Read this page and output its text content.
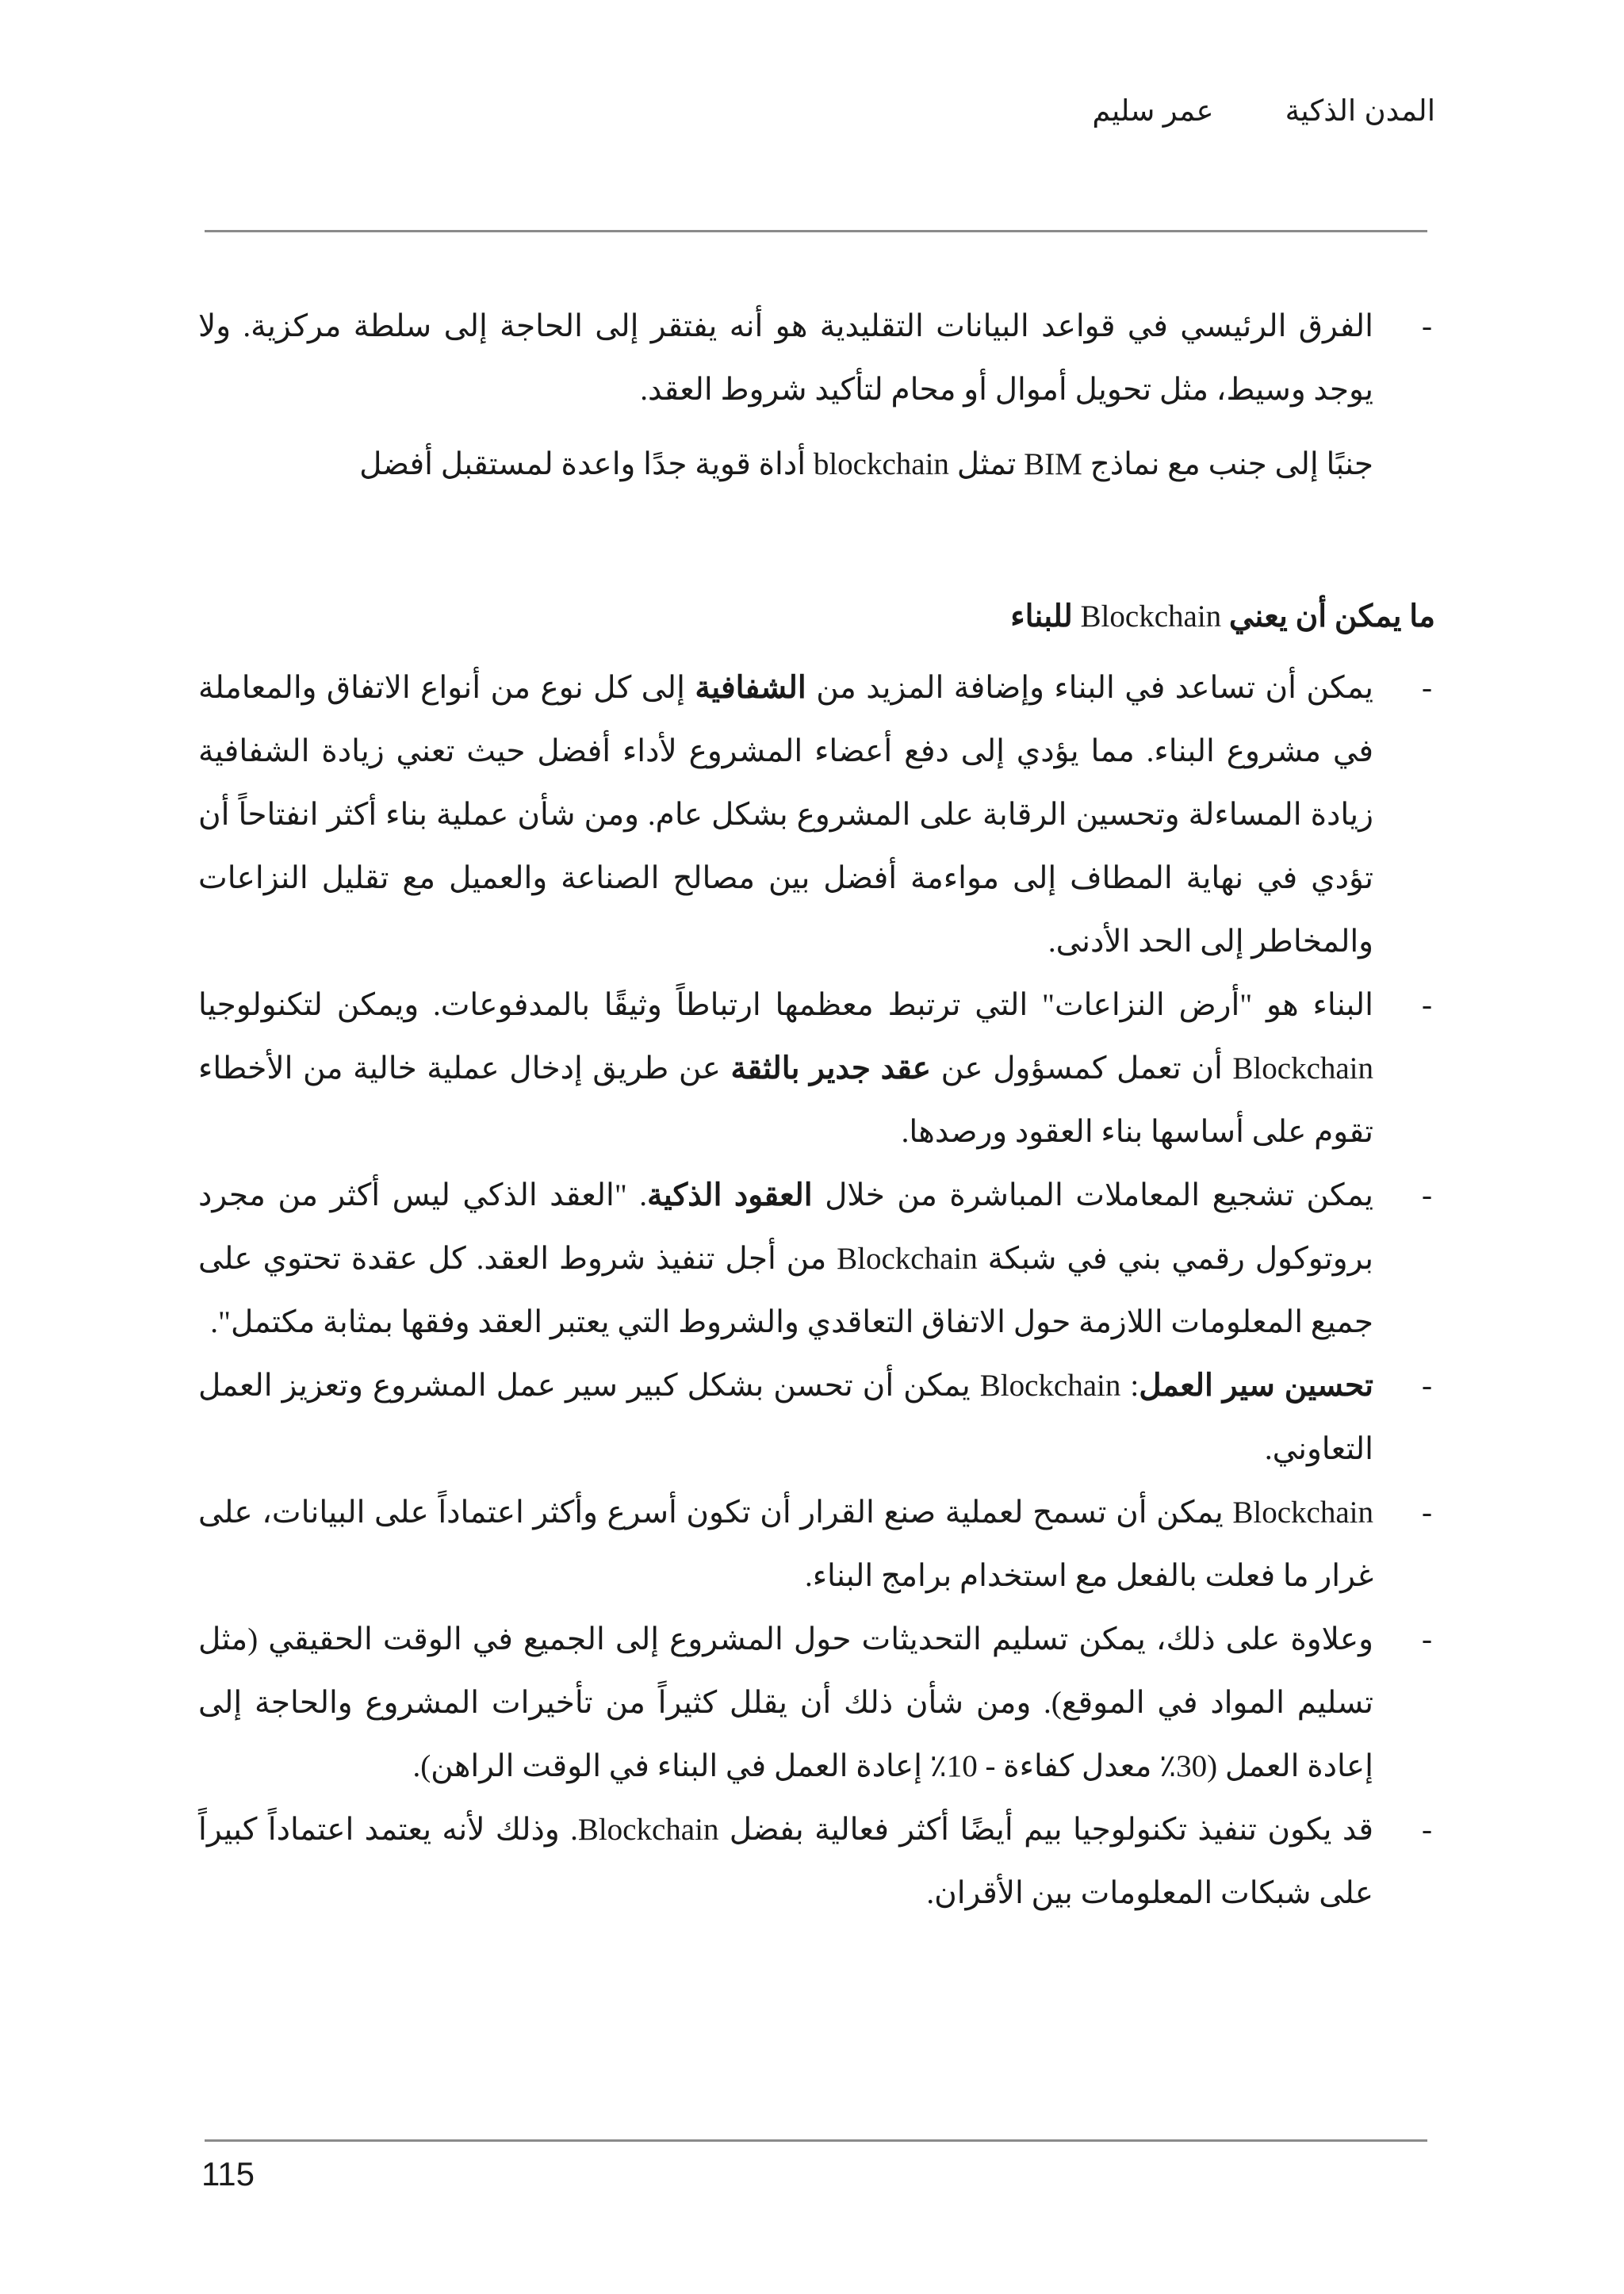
المدن الذكيةعمر سليم
-
الفرق الرئيسي في قواعد البيانات التقليدية هو أنه يفتقر إلى الحاجة إلى سلطة مركزية. ولا يوجد وسيط، مثل تحويل أموال أو محام لتأكيد شروط العقد.
جنبًا إلى جنب مع نماذج BIM تمثل blockchain أداة قوية جدًا واعدة لمستقبل أفضل
ما يمكن أن يعني Blockchain للبناء
-
يمكن أن تساعد في البناء وإضافة المزيد من الشفافية إلى كل نوع من أنواع الاتفاق والمعاملة في مشروع البناء. مما يؤدي إلى دفع أعضاء المشروع لأداء أفضل حيث تعني زيادة الشفافية زيادة المساءلة وتحسين الرقابة على المشروع بشكل عام. ومن شأن عملية بناء أكثر انفتاحاً أن تؤدي في نهاية المطاف إلى مواءمة أفضل بين مصالح الصناعة والعميل مع تقليل النزاعات والمخاطر إلى الحد الأدنى.
-
البناء هو "أرض النزاعات" التي ترتبط معظمها ارتباطاً وثيقًا بالمدفوعات. ويمكن لتكنولوجيا Blockchain أن تعمل كمسؤول عن عقد جدير بالثقة عن طريق إدخال عملية خالية من الأخطاء تقوم على أساسها بناء العقود ورصدها.
-
يمكن تشجيع المعاملات المباشرة من خلال العقود الذكية. "العقد الذكي ليس أكثر من مجرد بروتوكول رقمي بني في شبكة Blockchain من أجل تنفيذ شروط العقد. كل عقدة تحتوي على جميع المعلومات اللازمة حول الاتفاق التعاقدي والشروط التي يعتبر العقد وفقها بمثابة مكتمل".
-
تحسين سير العمل: Blockchain يمكن أن تحسن بشكل كبير سير عمل المشروع وتعزيز العمل التعاوني.
-
Blockchain يمكن أن تسمح لعملية صنع القرار أن تكون أسرع وأكثر اعتماداً على البيانات، على غرار ما فعلت بالفعل مع استخدام برامج البناء.
-
وعلاوة على ذلك، يمكن تسليم التحديثات حول المشروع إلى الجميع في الوقت الحقيقي (مثل تسليم المواد في الموقع). ومن شأن ذلك أن يقلل كثيراً من تأخيرات المشروع والحاجة إلى إعادة العمل (30٪ معدل كفاءة - 10٪ إعادة العمل في البناء في الوقت الراهن).
-
قد يكون تنفيذ تكنولوجيا بيم أيضًا أكثر فعالية بفضل Blockchain. وذلك لأنه يعتمد اعتماداً كبيراً على شبكات المعلومات بين الأقران.
115
